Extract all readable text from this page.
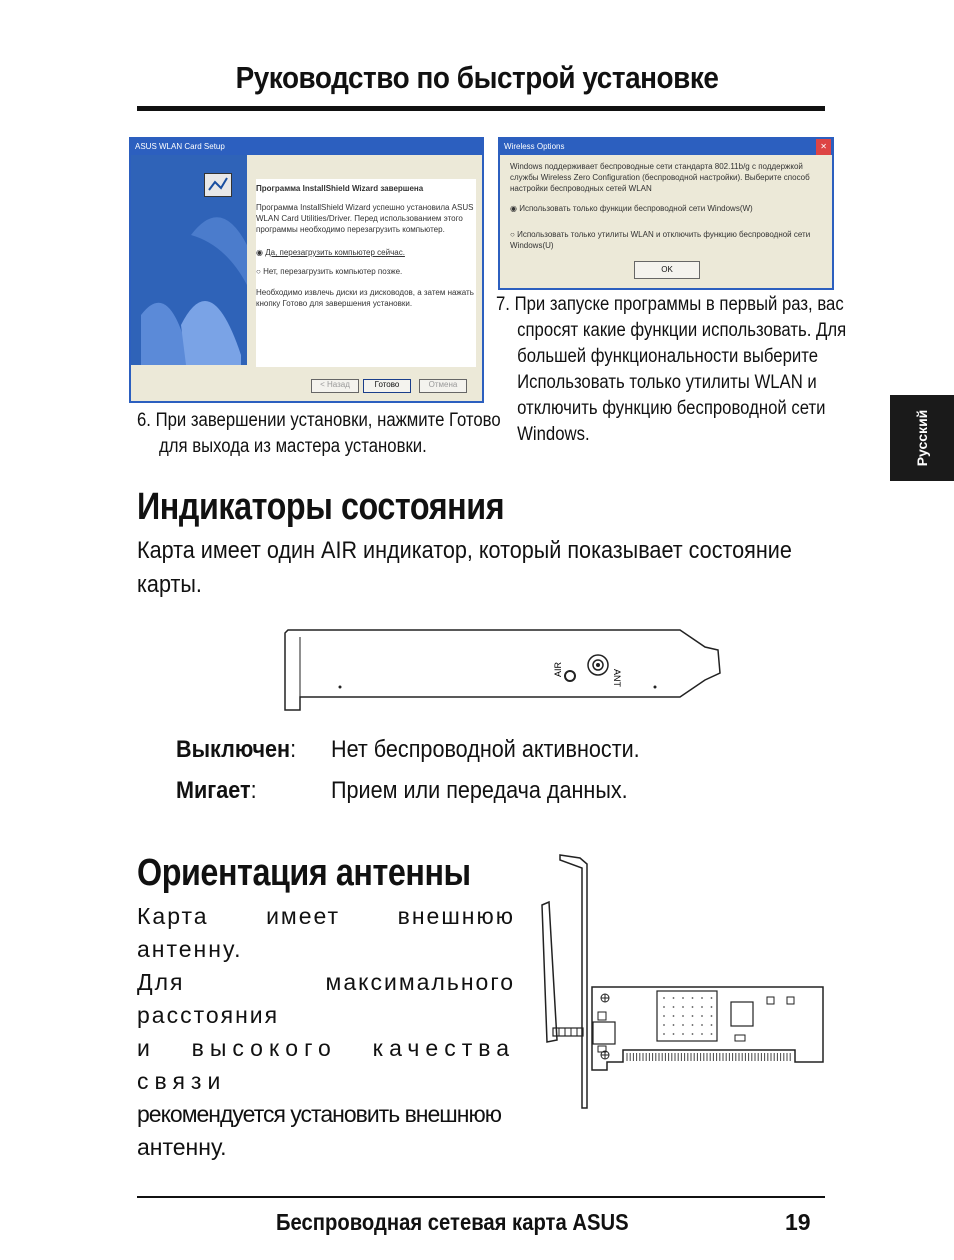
Руководство по быстрой установке
Русский
ASUS WLAN Card Setup
Программа InstallShield Wizard завершена
Программа InstallShield Wizard успешно установила ASUS WLAN Card Utilities/Driver. Перед использованием этого программы необходимо перезагрузить компьютер.
◉ Да, перезагрузить компьютер сейчас.
○ Нет, перезагрузить компьютер позже.
Необходимо извлечь диски из дисководов, а затем нажать кнопку Готово для завершения установки.
< Назад	Готово	Отмена
Wireless Options	✕
Windows поддерживает беспроводные сети стандарта 802.11b/g с поддержкой службы Wireless Zero Configuration (беспроводной настройки). Выберите способ настройки беспроводных сетей WLAN
◉ Использовать только функции беспроводной сети Windows(W)
○ Использовать только утилиты WLAN и отключить функцию беспроводной сети Windows(U)
OK
6. При завершении установки, нажмите Готово
для выхода из мастера установки.
7. При запуске программы в первый раз, вас
спросят какие функции использовать. Для
большей функциональности выберите
Использовать только утилиты WLAN и
отключить функцию беспроводной сети
Windows.
Индикаторы состояния
Карта имеет один AIR индикатор, который показывает состояние
карты.
AIR	ANT
Выключен: Нет беспроводной активности.
Мигает:	Прием или передача данных.
Ориентация антенны
Карта имеет внешнюю антенну.
Для максимального расстояния
и высокого качества связи
рекомендуется установить внешнюю
антенну.
Беспроводная сетевая карта ASUS	19
